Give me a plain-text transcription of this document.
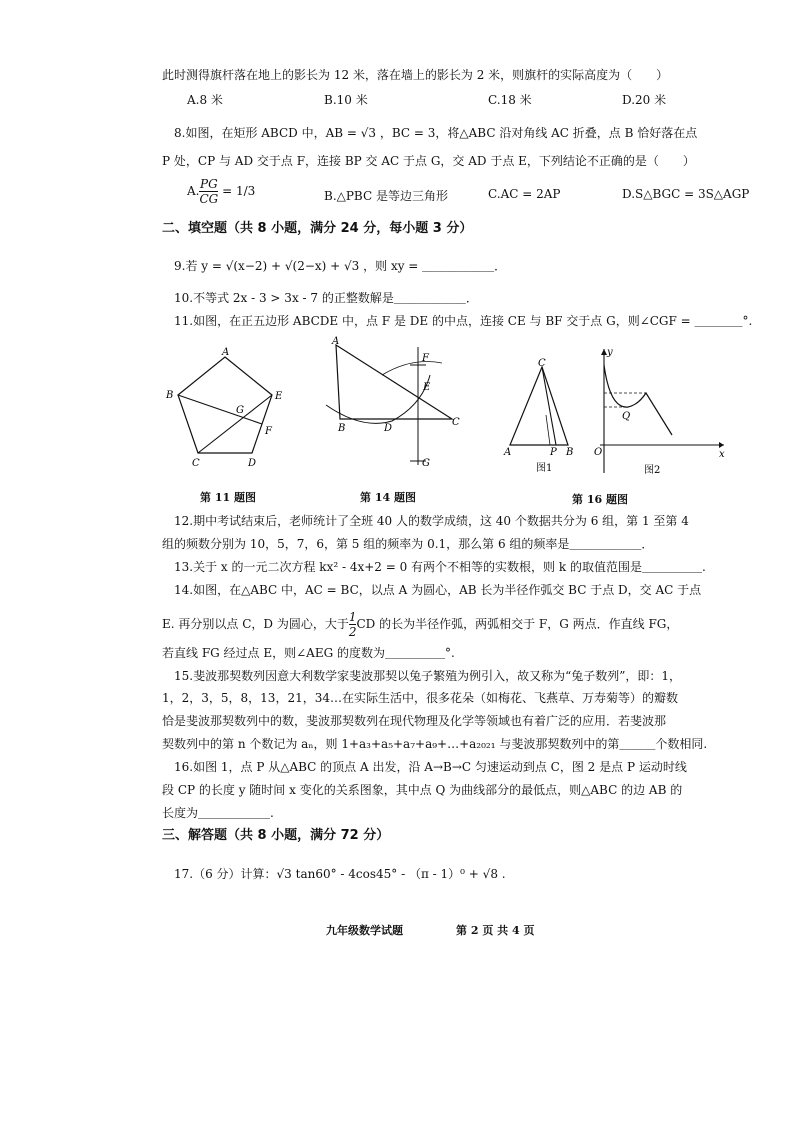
此时测得旗杆落在地上的影长为 12 米，落在墙上的影长为 2 米，则旗杆的实际高度为（　　）
A.8 米	B.10 米	C.18 米	D.20 米
8.如图，在矩形 ABCD 中，AB = √3 ，BC = 3，将△ABC 沿对角线 AC 折叠，点 B 恰好落在点
P 处，CP 与 AD 交于点 F，连接 BP 交 AC 于点 G，交 AD 于点 E，下列结论不正确的是（　　）
A. $\frac{PG}{CG} = 1/3$	B.△PBC 是等边三角形	C.AC = 2AP	D.S△BGC = 3S△AGP
二、填空题（共 8 小题，满分 24 分，每小题 3 分）
9.若 y = √(x−2) + √(2−x) + √3 ，则 xy = ＿＿＿＿＿＿．
10.不等式 2x - 3 > 3x - 7 的正整数解是＿＿＿＿＿＿．
11.如图，在正五边形 ABCDE 中，点 F 是 DE 的中点，连接 CE 与 BF 交于点 G，则∠CGF = ＿＿＿＿°.
A
B
C	D
E
F
G
第 11 题图
A
B	D
C
E
F
G
第 14 题图
C
A	P B
图1
y
O	x
Q
图2
第 16 题图
12.期中考试结束后，老师统计了全班 40 人的数学成绩，这 40 个数据共分为 6 组，第 1 至第 4
组的频数分别为 10，5，7，6，第 5 组的频率为 0.1，那么第 6 组的频率是＿＿＿＿＿＿．
13.关于 x 的一元二次方程 kx² - 4x+2 = 0 有两个不相等的实数根，则 k 的取值范围是＿＿＿＿＿.
14.如图，在△ABC 中，AC = BC，以点 A 为圆心，AB 长为半径作弧交 BC 于点 D，交 AC 于点
E. 再分别以点 C，D 为圆心，大于 $\frac{1}{2}$ CD 的长为半径作弧，两弧相交于 F，G 两点．作直线 FG，
若直线 FG 经过点 E，则∠AEG 的度数为＿＿＿＿＿°.
15.斐波那契数列因意大利数学家斐波那契以兔子繁殖为例引入，故又称为“兔子数列”，即：1，
1，2，3，5，8，13，21，34…在实际生活中，很多花朵（如梅花、飞燕草、万寿菊等）的瓣数
恰是斐波那契数列中的数，斐波那契数列在现代物理及化学等领域也有着广泛的应用．若斐波那
契数列中的第 n 个数记为 aₙ，则 1+a₃+a₅+a₇+a₉+…+a₂₀₂₁ 与斐波那契数列中的第＿＿＿个数相同.
16.如图 1，点 P 从△ABC 的顶点 A 出发，沿 A→B→C 匀速运动到点 C，图 2 是点 P 运动时线
段 CP 的长度 y 随时间 x 变化的关系图象，其中点 Q 为曲线部分的最低点，则△ABC 的边 AB 的
长度为＿＿＿＿＿＿.
三、解答题（共 8 小题，满分 72 分）
17.（6 分）计算：√3 tan60° - 4cos45° - （π - 1）⁰ + √8 .
九年级数学试题	第 2 页 共 4 页
